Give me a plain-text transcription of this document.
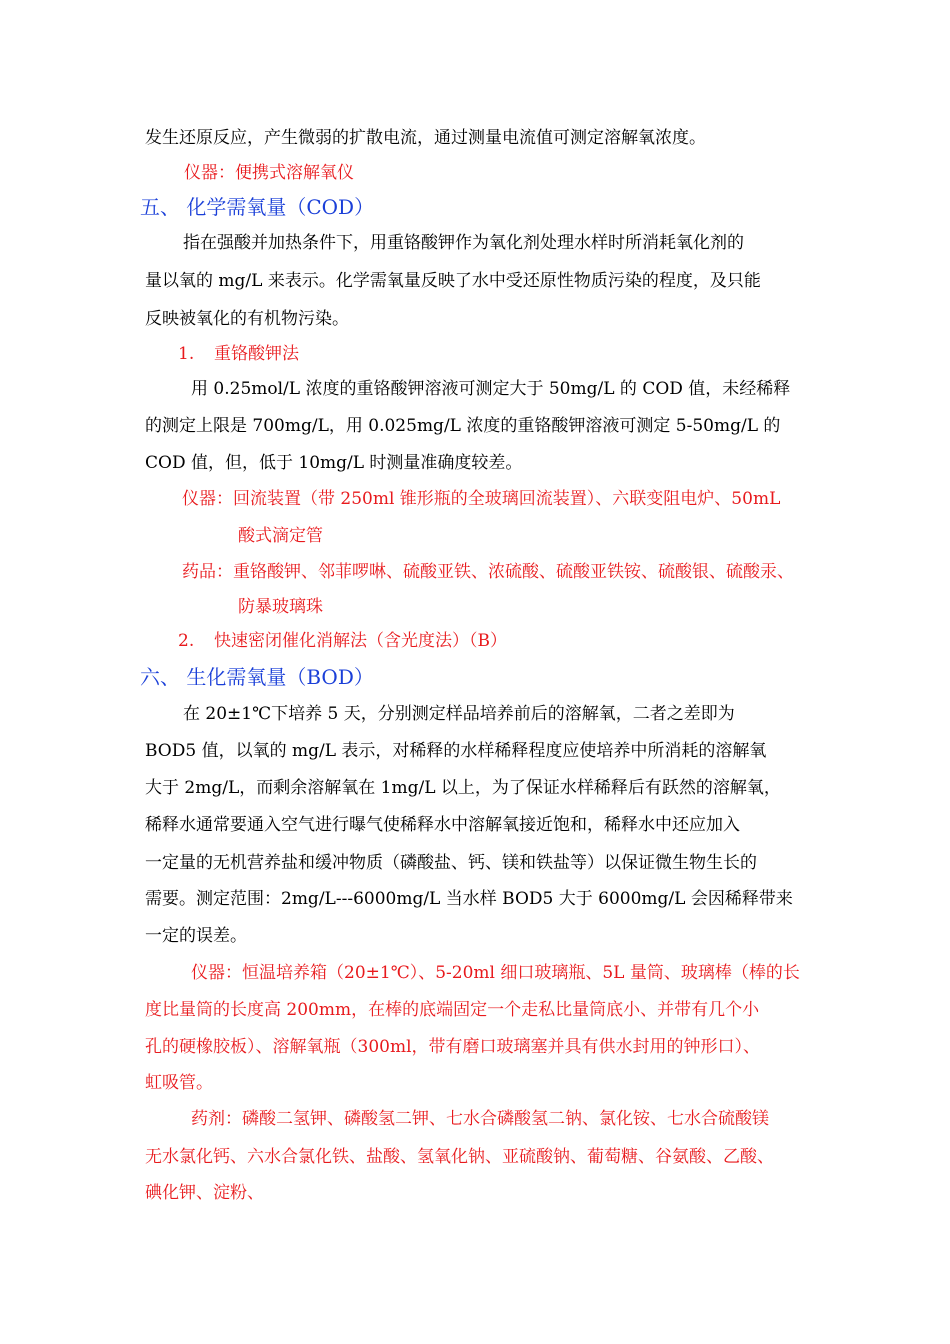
发生还原反应，产生微弱的扩散电流，通过测量电流值可测定溶解氧浓度。
仪器：便携式溶解氧仪
五、 化学需氧量（COD）
指在强酸并加热条件下，用重铬酸钾作为氧化剂处理水样时所消耗氧化剂的
量以氧的 mg/L 来表示。化学需氧量反映了水中受还原性物质污染的程度，及只能
反映被氧化的有机物污染。
1. 重铬酸钾法
用 0.25mol/L 浓度的重铬酸钾溶液可测定大于 50mg/L 的 COD 值，未经稀释
的测定上限是 700mg/L，用 0.025mg/L 浓度的重铬酸钾溶液可测定 5-50mg/L 的
COD 值，但，低于 10mg/L 时测量准确度较差。
仪器：回流装置（带 250ml 锥形瓶的全玻璃回流装置）、六联变阻电炉、50mL
酸式滴定管
药品：重铬酸钾、邻菲啰啉、硫酸亚铁、浓硫酸、硫酸亚铁铵、硫酸银、硫酸汞、
防暴玻璃珠
2. 快速密闭催化消解法（含光度法）（B）
六、 生化需氧量（BOD）
在 20±1℃下培养 5 天，分别测定样品培养前后的溶解氧，二者之差即为
BOD5 值，以氧的 mg/L 表示，对稀释的水样稀释程度应使培养中所消耗的溶解氧
大于 2mg/L，而剩余溶解氧在 1mg/L 以上，为了保证水样稀释后有跃然的溶解氧，
稀释水通常要通入空气进行曝气使稀释水中溶解氧接近饱和，稀释水中还应加入
一定量的无机营养盐和缓冲物质（磷酸盐、钙、镁和铁盐等）以保证微生物生长的
需要。测定范围：2mg/L---6000mg/L 当水样 BOD5 大于 6000mg/L 会因稀释带来
一定的误差。
仪器：恒温培养箱（20±1℃）、5-20ml 细口玻璃瓶、5L 量筒、玻璃棒（棒的长
度比量筒的长度高 200mm，在棒的底端固定一个走私比量筒底小、并带有几个小
孔的硬橡胶板）、溶解氧瓶（300ml，带有磨口玻璃塞并具有供水封用的钟形口）、
虹吸管。
药剂：磷酸二氢钾、磷酸氢二钾、七水合磷酸氢二钠、氯化铵、七水合硫酸镁
无水氯化钙、六水合氯化铁、盐酸、氢氧化钠、亚硫酸钠、葡萄糖、谷氨酸、乙酸、
碘化钾、淀粉、
